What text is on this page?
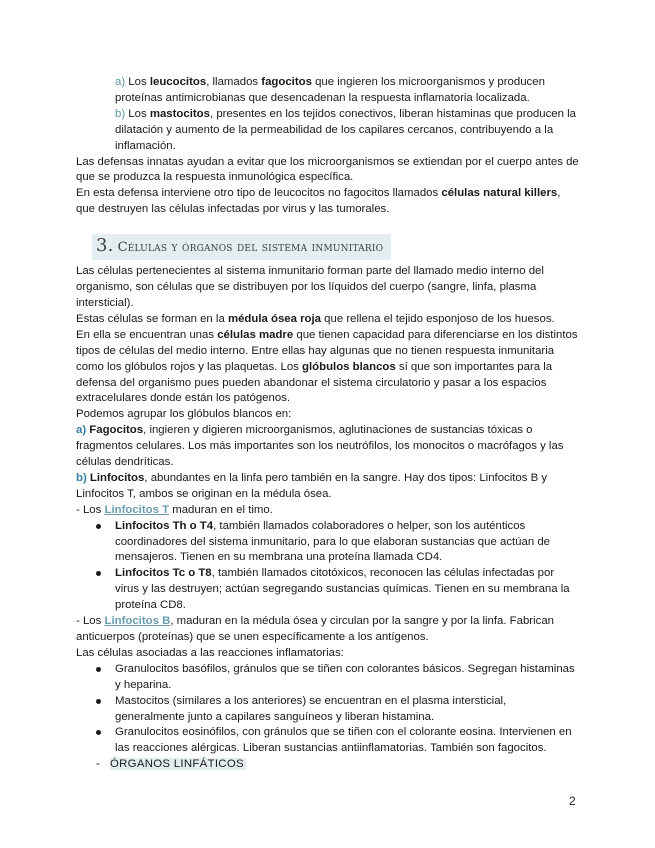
a) Los leucocitos, llamados fagocitos que ingieren los microorganismos y producen proteínas antimicrobianas que desencadenan la respuesta inflamatoria localizada.

b) Los mastocitos, presentes en los tejidos conectivos, liberan histaminas que producen la dilatación y aumento de la permeabilidad de los capilares cercanos, contribuyendo a la inflamación.

Las defensas innatas ayudan a evitar que los microorganismos se extiendan por el cuerpo antes de que se produzca la respuesta inmunológica específica.

En esta defensa interviene otro tipo de leucocitos no fagocitos llamados células natural killers, que destruyen las células infectadas por virus y las tumorales.

3. Células y órganos del sistema inmunitario

Las células pertenecientes al sistema inmunitario forman parte del llamado medio interno del organismo, son células que se distribuyen por los líquidos del cuerpo (sangre, linfa, plasma intersticial).

Estas células se forman en la médula ósea roja que rellena el tejido esponjoso de los huesos.

En ella se encuentran unas células madre que tienen capacidad para diferenciarse en los distintos tipos de células del medio interno. Entre ellas hay algunas que no tienen respuesta inmunitaria como los glóbulos rojos y las plaquetas. Los glóbulos blancos sí que son importantes para la defensa del organismo pues pueden abandonar el sistema circulatorio y pasar a los espacios extracelulares donde están los patógenos.

Podemos agrupar los glóbulos blancos en:

a) Fagocitos, ingieren y digieren microorganismos, aglutinaciones de sustancias tóxicas o fragmentos celulares. Los más importantes son los neutrófilos, los monocitos o macrófagos y las células dendríticas.

b) Linfocitos, abundantes en la linfa pero también en la sangre. Hay dos tipos: Linfocitos B y Linfocitos T, ambos se originan en la médula ósea.

- Los Linfocitos T maduran en el timo.

Linfocitos Th o T4, también llamados colaboradores o helper, son los auténticos coordinadores del sistema inmunitario, para lo que elaboran sustancias que actúan de mensajeros. Tienen en su membrana una proteína llamada CD4.
Linfocitos Tc o T8, también llamados citotóxicos, reconocen las células infectadas por virus y las destruyen; actúan segregando sustancias químicas. Tienen en su membrana la proteína CD8.

- Los Linfocitos B, maduran en la médula ósea y circulan por la sangre y por la linfa. Fabrican anticuerpos (proteínas) que se unen específicamente a los antígenos.

Las células asociadas a las reacciones inflamatorias:

Granulocitos basófilos, gránulos que se tiñen con colorantes básicos. Segregan histaminas y heparina.
Mastocitos (similares a los anteriores) se encuentran en el plasma intersticial, generalmente junto a capilares sanguíneos y liberan histamina.
Granulocitos eosinófilos, con gránulos que se tiñen con el colorante eosina. Intervienen en las reacciones alérgicas. Liberan sustancias antiinflamatorias. También son fagocitos.
- ÓRGANOS LINFÁTICOS
2
